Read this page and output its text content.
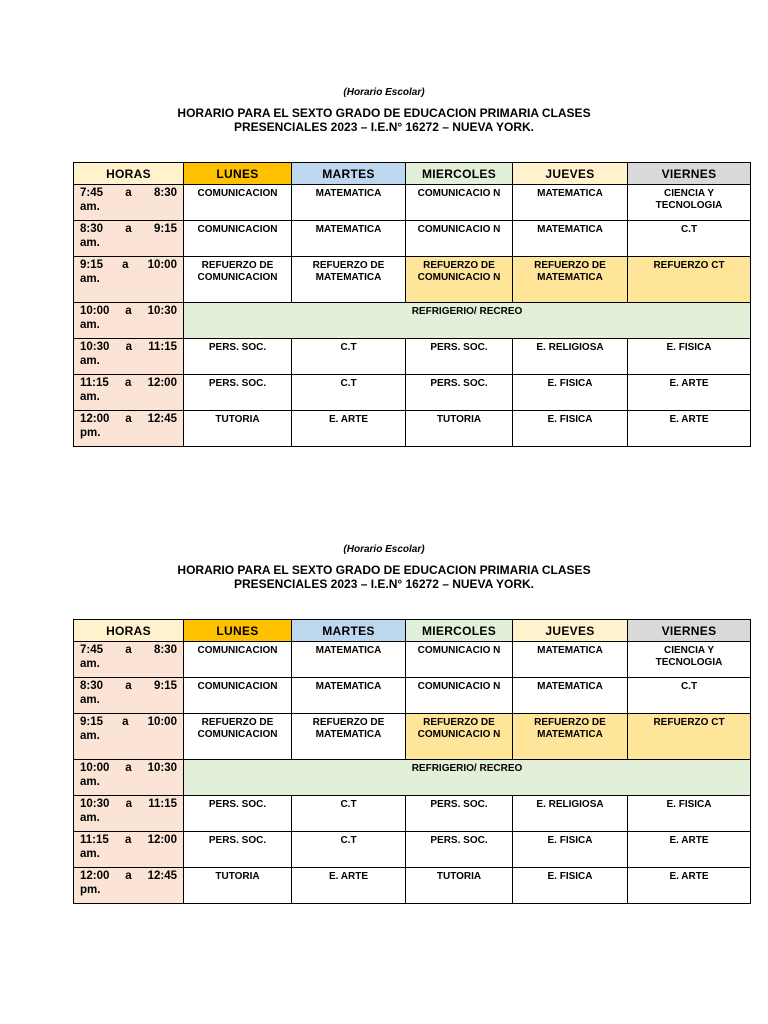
(Horario Escolar)
HORARIO PARA EL SEXTO GRADO DE EDUCACION PRIMARIA CLASES
PRESENCIALES 2023 – I.E.N° 16272 – NUEVA YORK.
HORAS	LUNES	MARTES	MIERCOLES	JUEVES	VIERNES

7:45 a 8:30
am.	COMUNICACION	MATEMATICA	COMUNICACIO N	MATEMATICA	CIENCIA Y TECNOLOGIA

8:30 a 9:15
am.	COMUNICACION	MATEMATICA	COMUNICACIO N	MATEMATICA	C.T

9:15 a 10:00
am.	REFUERZO DE COMUNICACION	REFUERZO DE MATEMATICA	REFUERZO DE COMUNICACIO N	REFUERZO DE MATEMATICA	REFUERZO CT

10:00 a 10:30
am.	REFRIGERIO/ RECREO				

10:30 a 11:15
am.	PERS. SOC.	C.T	PERS. SOC.	E. RELIGIOSA	E. FISICA

11:15 a 12:00
am.	PERS. SOC.	C.T	PERS. SOC.	E. FISICA	E. ARTE

12:00 a 12:45
pm.	TUTORIA	E. ARTE	TUTORIA	E. FISICA	E. ARTE
(Horario Escolar)
HORARIO PARA EL SEXTO GRADO DE EDUCACION PRIMARIA CLASES
PRESENCIALES 2023 – I.E.N° 16272 – NUEVA YORK.
HORAS	LUNES	MARTES	MIERCOLES	JUEVES	VIERNES

7:45 a 8:30
am.	COMUNICACION	MATEMATICA	COMUNICACIO N	MATEMATICA	CIENCIA Y TECNOLOGIA

8:30 a 9:15
am.	COMUNICACION	MATEMATICA	COMUNICACIO N	MATEMATICA	C.T

9:15 a 10:00
am.	REFUERZO DE COMUNICACION	REFUERZO DE MATEMATICA	REFUERZO DE COMUNICACIO N	REFUERZO DE MATEMATICA	REFUERZO CT

10:00 a 10:30
am.	REFRIGERIO/ RECREO				

10:30 a 11:15
am.	PERS. SOC.	C.T	PERS. SOC.	E. RELIGIOSA	E. FISICA

11:15 a 12:00
am.	PERS. SOC.	C.T	PERS. SOC.	E. FISICA	E. ARTE

12:00 a 12:45
pm.	TUTORIA	E. ARTE	TUTORIA	E. FISICA	E. ARTE
